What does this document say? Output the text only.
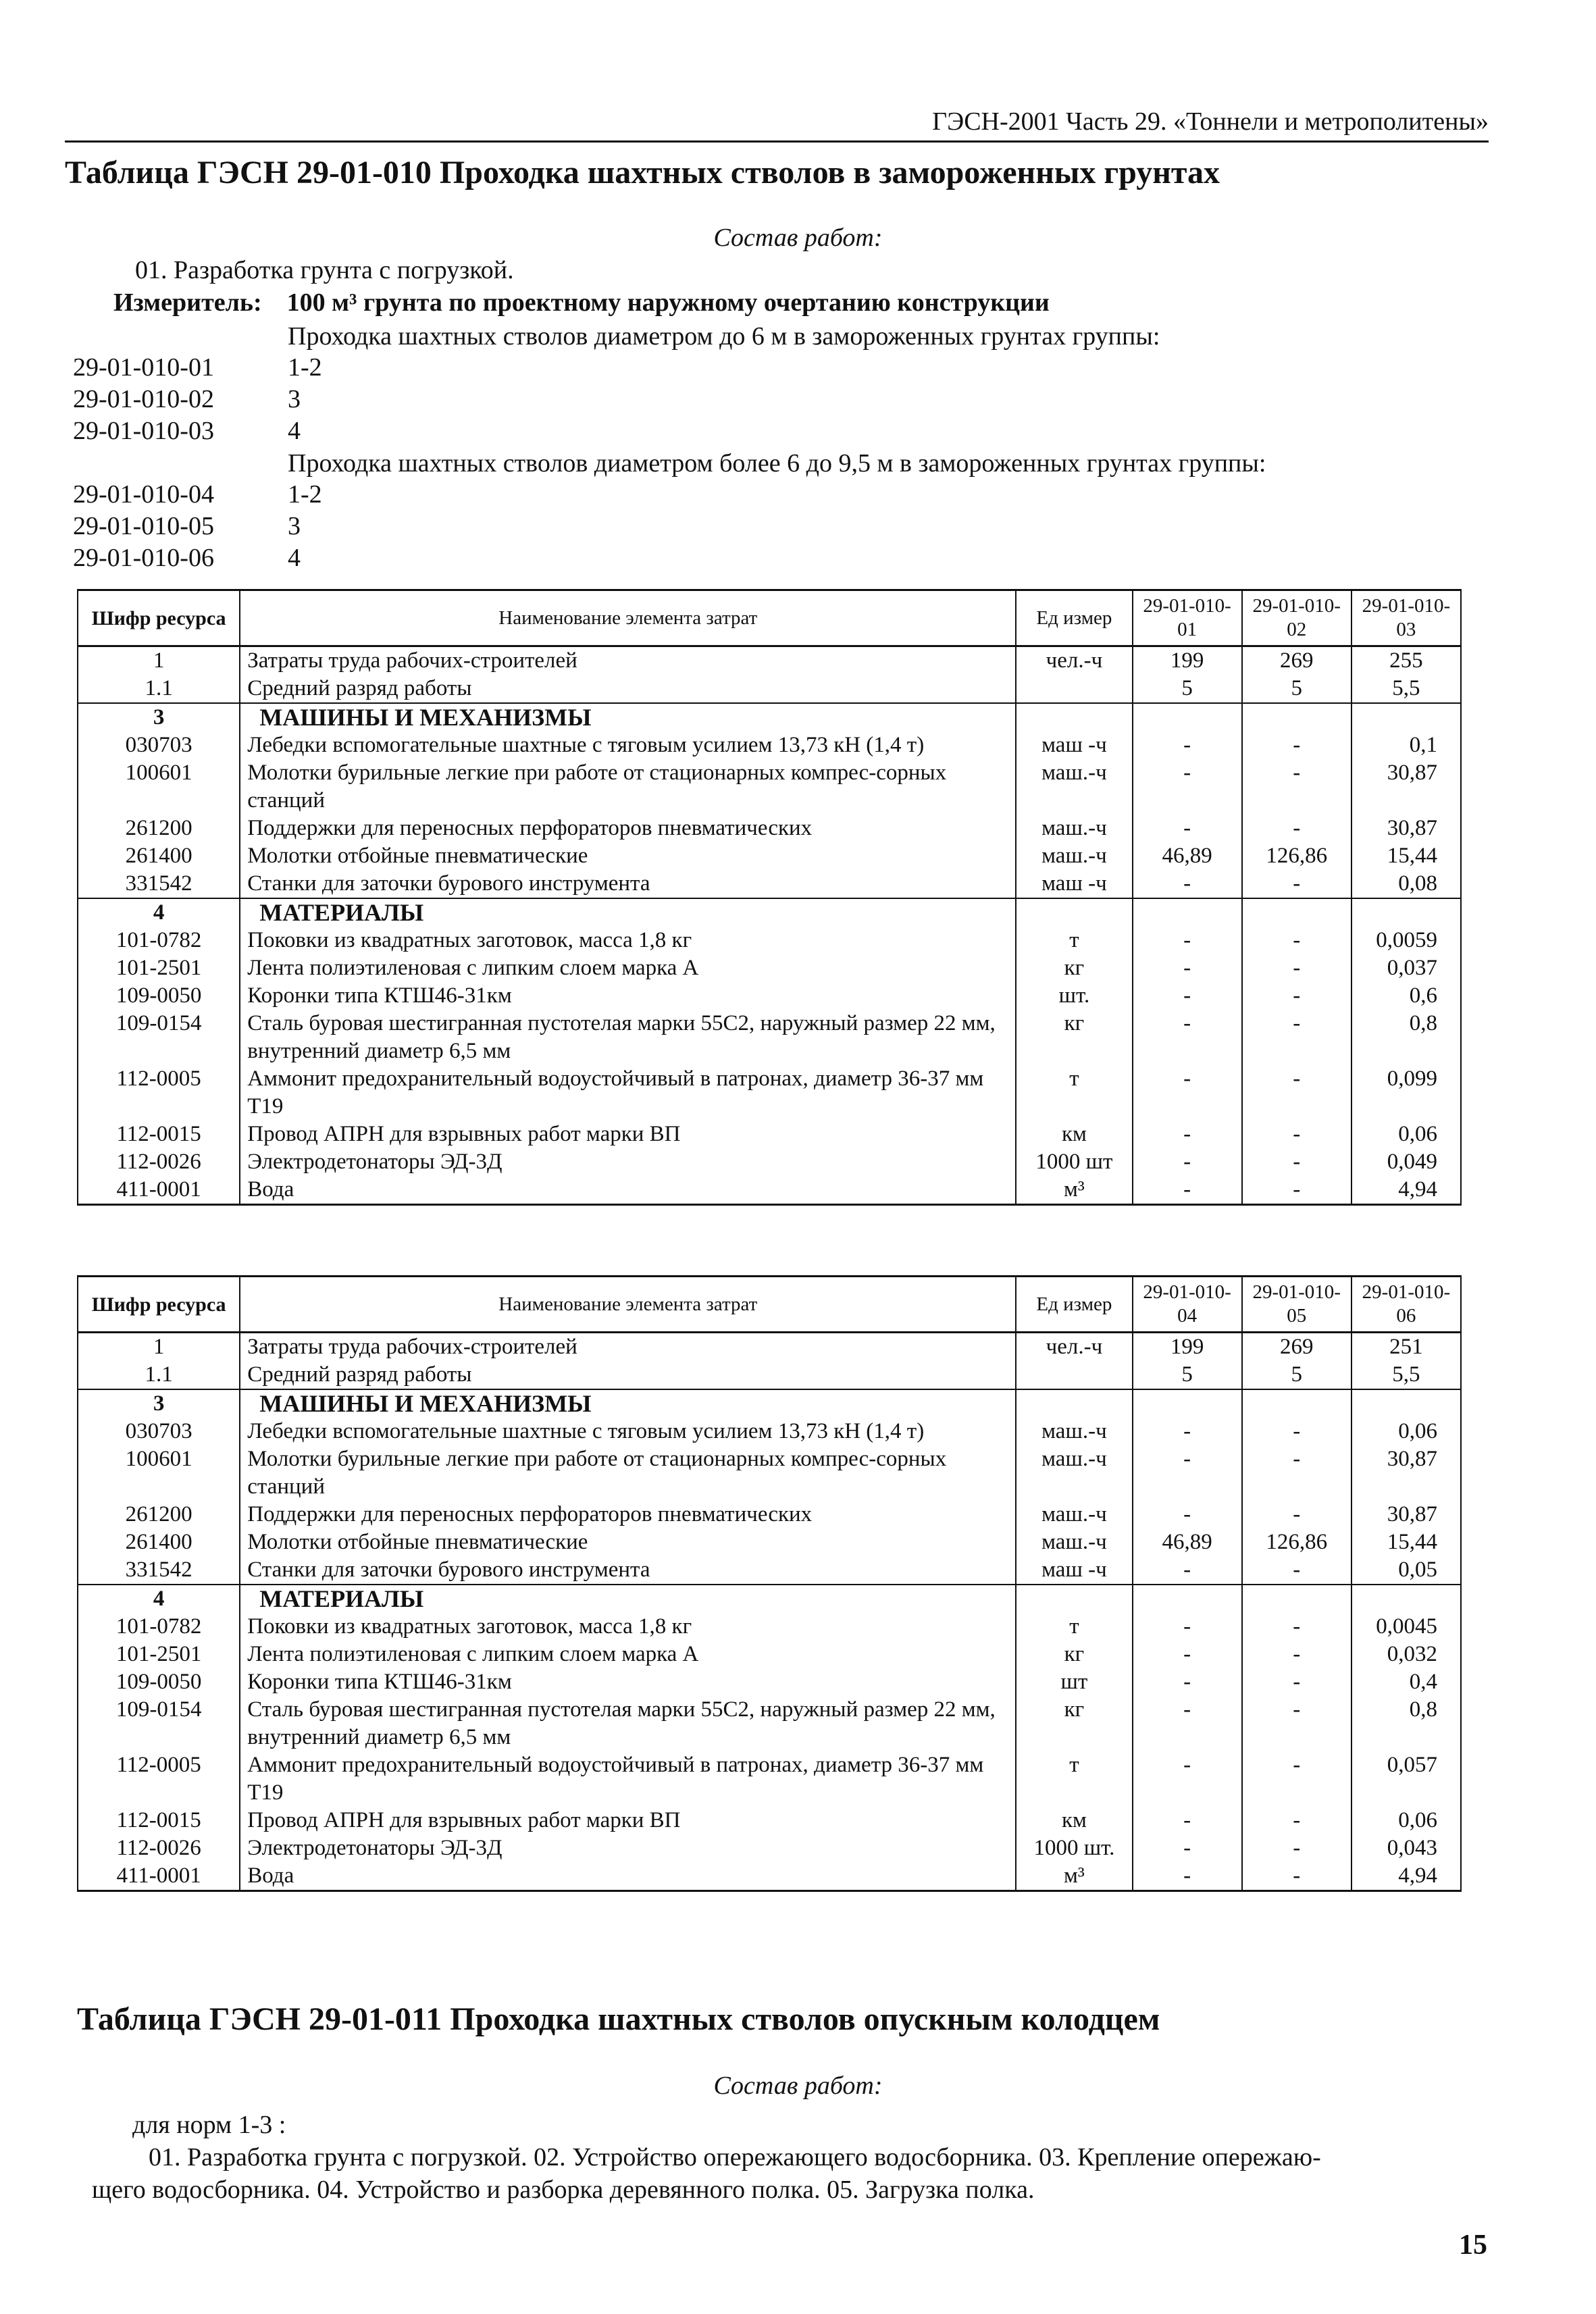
ГЭСН-2001 Часть 29. «Тоннели и метрополитены»
Таблица ГЭСН 29-01-010 Проходка шахтных стволов в замороженных грунтах
Состав работ:
01. Разработка грунта с погрузкой.
Измеритель: 100 м³ грунта по проектному наружному очертанию конструкции
Проходка шахтных стволов диаметром до 6 м в замороженных грунтах группы:
29-01-010-01	1-2
29-01-010-02	3
29-01-010-03	4
Проходка шахтных стволов диаметром более 6 до 9,5 м в замороженных грунтах группы:
29-01-010-04	1-2
29-01-010-05	3
29-01-010-06	4
Шифр ресурса	Наименование элемента затрат	Ед измер	29-01-010-01	29-01-010-02	29-01-010-03
1	Затраты труда рабочих-строителей	чел.-ч	199	269	255
1.1	Средний разряд работы		5	5	5,5
3	МАШИНЫ И МЕХАНИЗМЫ				
030703	Лебедки вспомогательные шахтные с тяговым усилием 13,73 кН (1,4 т)	маш -ч	-	-	0,1
100601	Молотки бурильные легкие при работе от стационарных компрес-сорных станций	маш.-ч	-	-	30,87
261200	Поддержки для переносных перфораторов пневматических	маш.-ч	-	-	30,87
261400	Молотки отбойные пневматические	маш.-ч	46,89	126,86	15,44
331542	Станки для заточки бурового инструмента	маш -ч	-	-	0,08
4	МАТЕРИАЛЫ				
101-0782	Поковки из квадратных заготовок, масса 1,8 кг	т	-	-	0,0059
101-2501	Лента полиэтиленовая с липким слоем марка А	кг	-	-	0,037
109-0050	Коронки типа КТШ46-31км	шт.	-	-	0,6
109-0154	Сталь буровая шестигранная пустотелая марки 55С2, наружный размер 22 мм, внутренний диаметр 6,5 мм	кг	-	-	0,8
112-0005	Аммонит предохранительный водоустойчивый в патронах, диаметр 36-37 мм Т19	т	-	-	0,099
112-0015	Провод АПРН для взрывных работ марки ВП	км	-	-	0,06
112-0026	Электродетонаторы ЭД-3Д	1000 шт	-	-	0,049
411-0001	Вода	м³	-	-	4,94
Шифр ресурса	Наименование элемента затрат	Ед измер	29-01-010-04	29-01-010-05	29-01-010-06
1	Затраты труда рабочих-строителей	чел.-ч	199	269	251
1.1	Средний разряд работы		5	5	5,5
3	МАШИНЫ И МЕХАНИЗМЫ				
030703	Лебедки вспомогательные шахтные с тяговым усилием 13,73 кН (1,4 т)	маш.-ч	-	-	0,06
100601	Молотки бурильные легкие при работе от стационарных компрес-сорных станций	маш.-ч	-	-	30,87
261200	Поддержки для переносных перфораторов пневматических	маш.-ч	-	-	30,87
261400	Молотки отбойные пневматические	маш.-ч	46,89	126,86	15,44
331542	Станки для заточки бурового инструмента	маш -ч	-	-	0,05
4	МАТЕРИАЛЫ				
101-0782	Поковки из квадратных заготовок, масса 1,8 кг	т	-	-	0,0045
101-2501	Лента полиэтиленовая с липким слоем марка А	кг	-	-	0,032
109-0050	Коронки типа КТШ46-31км	шт	-	-	0,4
109-0154	Сталь буровая шестигранная пустотелая марки 55С2, наружный размер 22 мм, внутренний диаметр 6,5 мм	кг	-	-	0,8
112-0005	Аммонит предохранительный водоустойчивый в патронах, диаметр 36-37 мм Т19	т	-	-	0,057
112-0015	Провод АПРН для взрывных работ марки ВП	км	-	-	0,06
112-0026	Электродетонаторы ЭД-3Д	1000 шт.	-	-	0,043
411-0001	Вода	м³	-	-	4,94
Таблица ГЭСН 29-01-011 Проходка шахтных стволов опускным колодцем
Состав работ:
для норм 1-3 :
01. Разработка грунта с погрузкой. 02. Устройство опережающего водосборника. 03. Крепление опережаю-
щего водосборника. 04. Устройство и разборка деревянного полка. 05. Загрузка полка.
15
